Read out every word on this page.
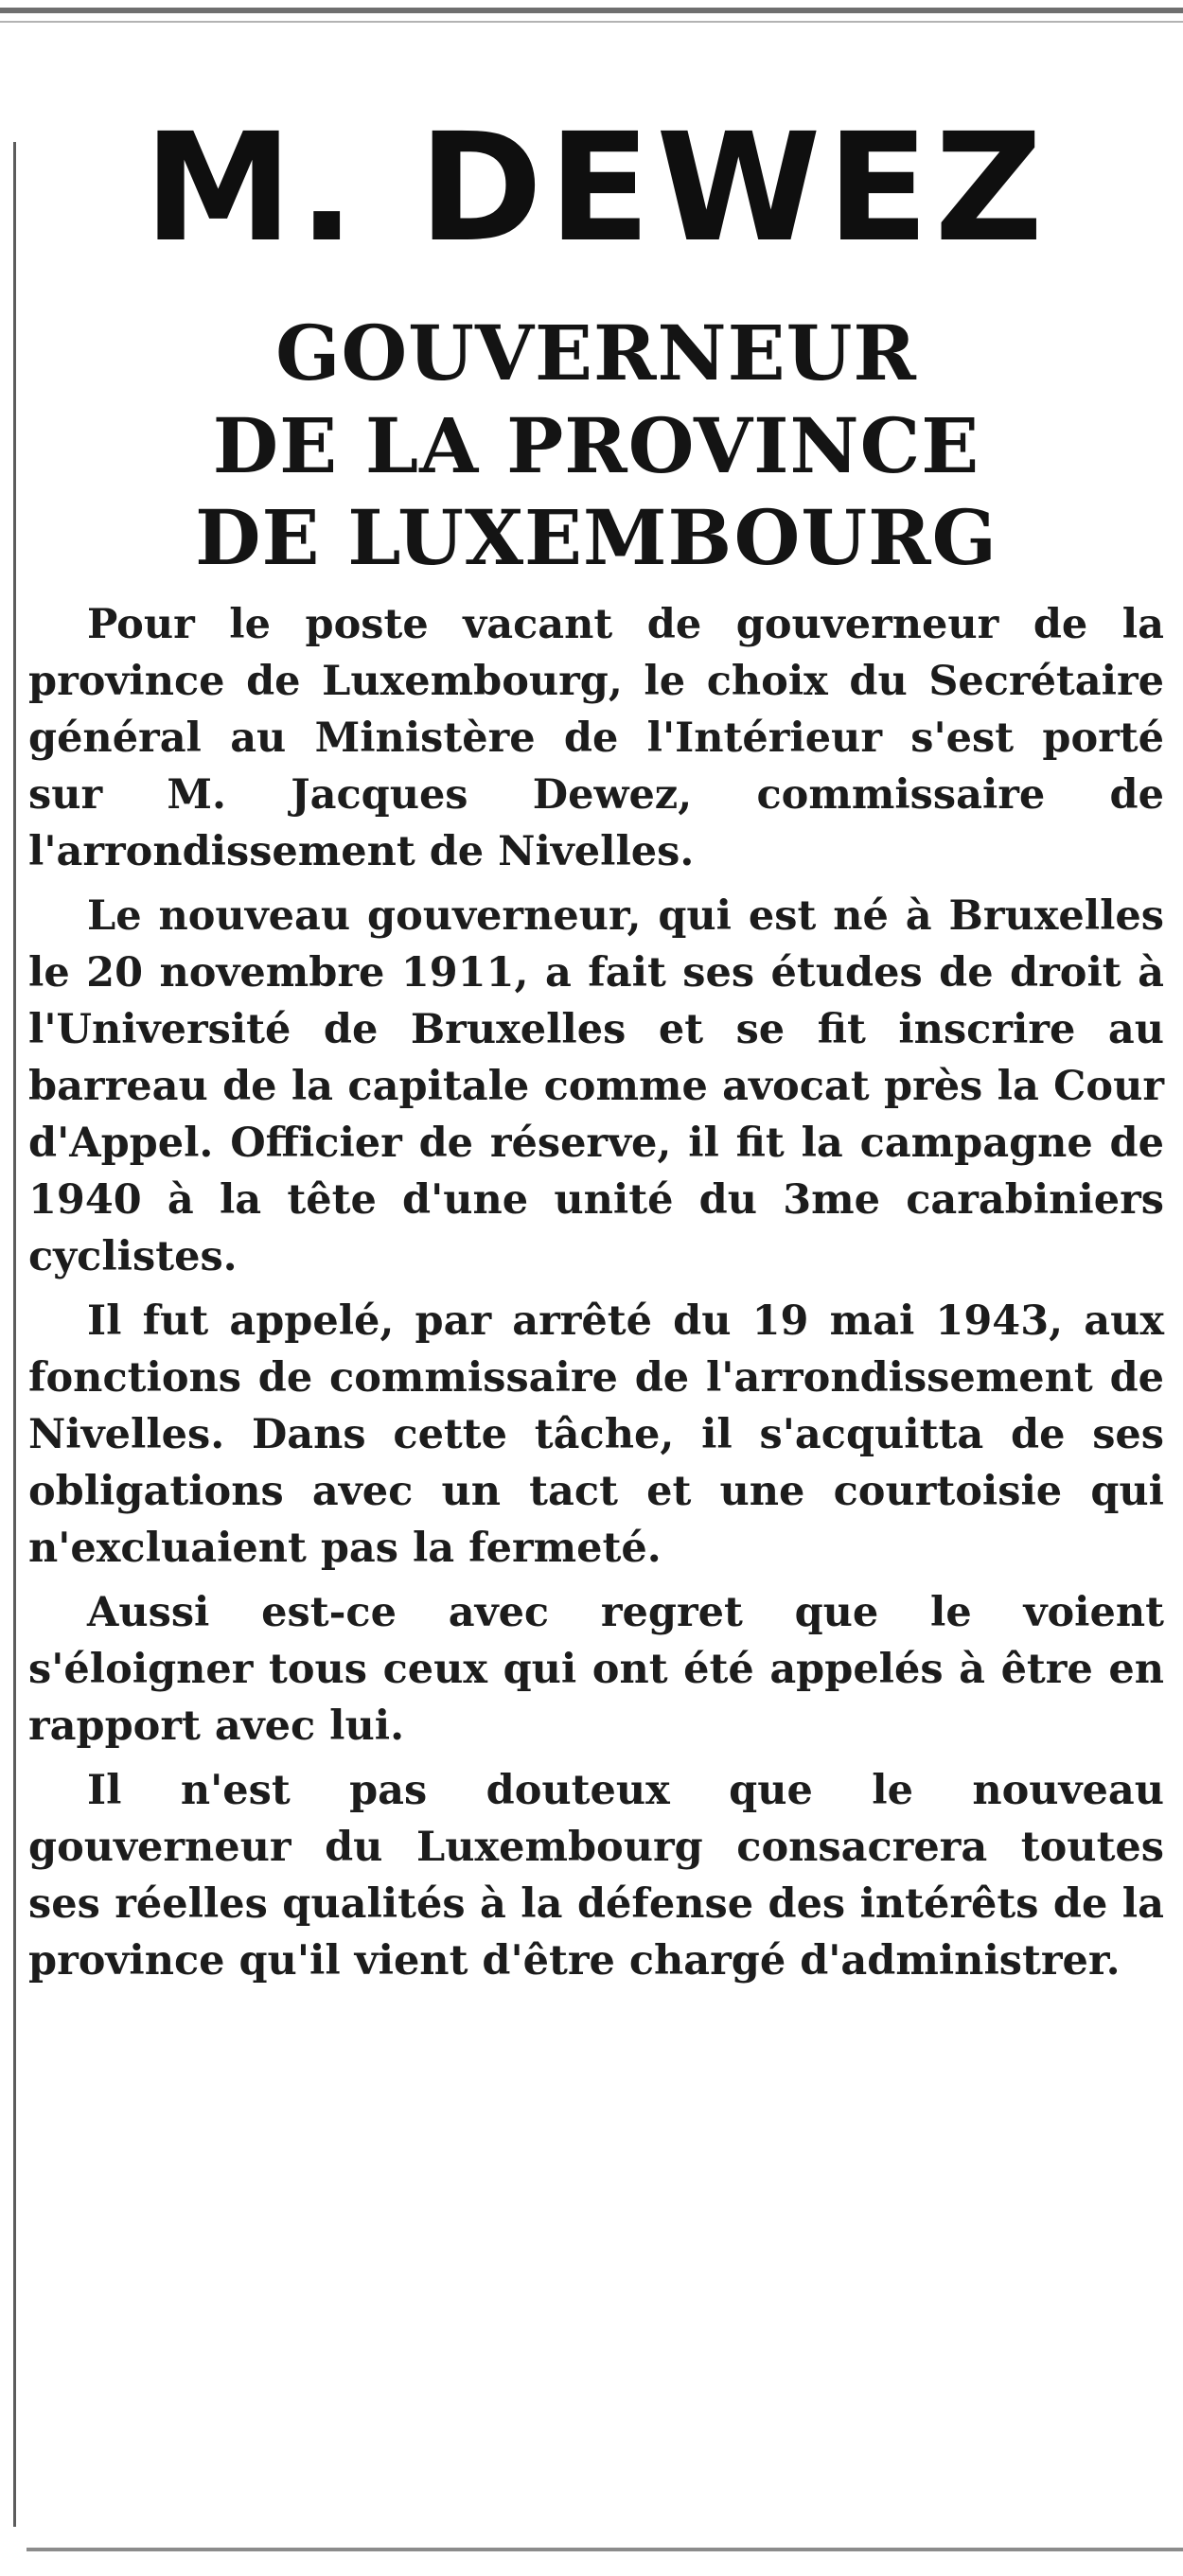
M. DEWEZ
GOUVERNEUR
DE LA PROVINCE
DE LUXEMBOURG

Pour le poste vacant de gouverneur de la province de Luxembourg, le choix du Secrétaire général au Ministère de l'Intérieur s'est porté sur M. Jacques Dewez, commissaire de l'arrondissement de Nivelles.

Le nouveau gouverneur, qui est né à Bruxelles le 20 novembre 1911, a fait ses études de droit à l'Université de Bruxelles et se fit inscrire au barreau de la capitale comme avocat près la Cour d'Appel. Officier de réserve, il fit la campagne de 1940 à la tête d'une unité du 3me carabiniers cyclistes.

Il fut appelé, par arrêté du 19 mai 1943, aux fonctions de commissaire de l'arrondissement de Nivelles. Dans cette tâche, il s'acquitta de ses obligations avec un tact et une courtoisie qui n'excluaient pas la fermeté.

Aussi est-ce avec regret que le voient s'éloigner tous ceux qui ont été appelés à être en rapport avec lui.

Il n'est pas douteux que le nouveau gouverneur du Luxembourg consacrera toutes ses réelles qualités à la défense des intérêts de la province qu'il vient d'être chargé d'administrer.
